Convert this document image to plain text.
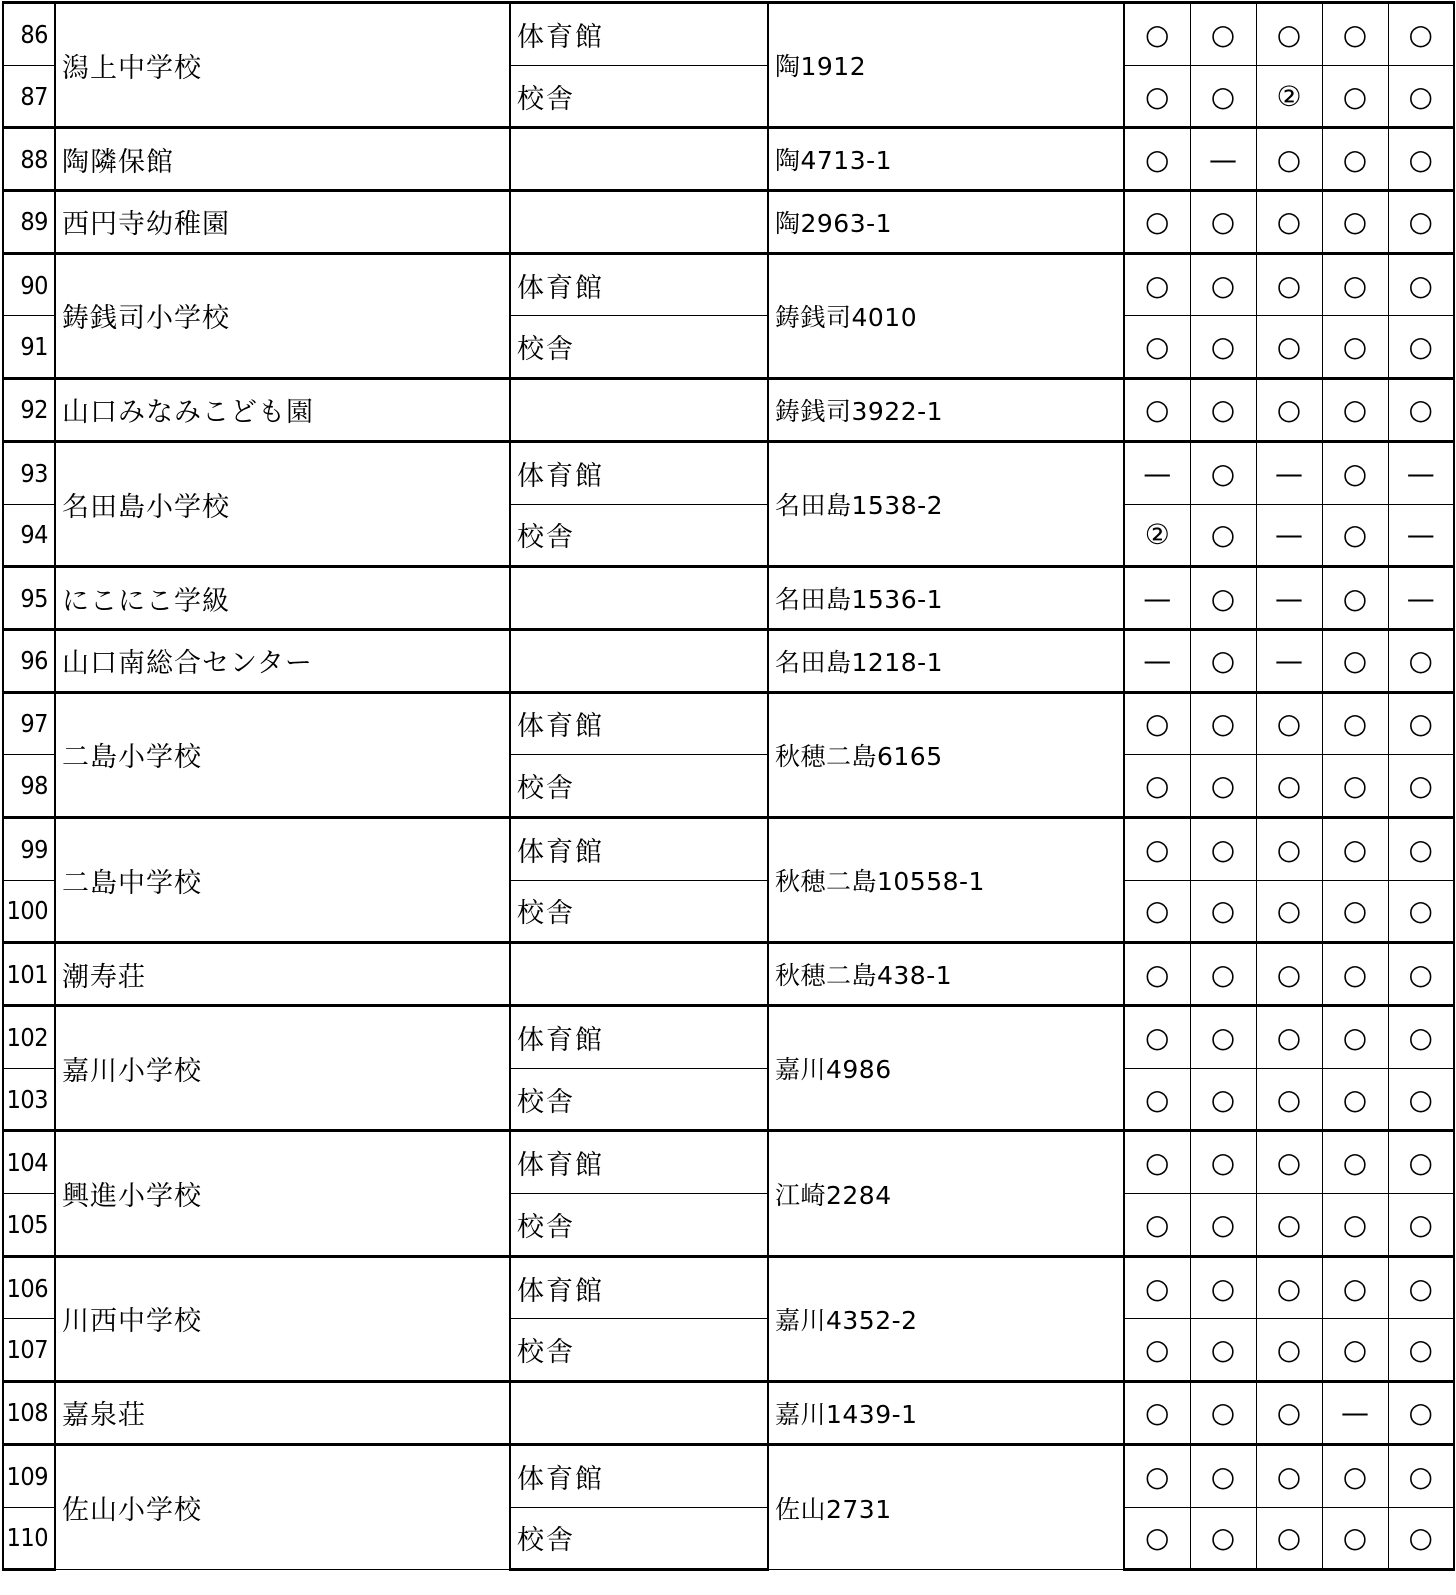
86	潟上中学校	体育館	陶1912	○	○	○	○	○
87		校舎		○	○	②	○	○
88	陶隣保館		陶4713-1	○	—	○	○	○
89	西円寺幼稚園		陶2963-1	○	○	○	○	○
90	鋳銭司小学校	体育館	鋳銭司4010	○	○	○	○	○
91		校舎		○	○	○	○	○
92	山口みなみこども園		鋳銭司3922-1	○	○	○	○	○
93	名田島小学校	体育館	名田島1538-2	—	○	—	○	—
94		校舎		②	○	—	○	—
95	にこにこ学級		名田島1536-1	—	○	—	○	—
96	山口南総合センター		名田島1218-1	—	○	—	○	○
97	二島小学校	体育館	秋穂二島6165	○	○	○	○	○
98		校舎		○	○	○	○	○
99	二島中学校	体育館	秋穂二島10558-1	○	○	○	○	○
100		校舎		○	○	○	○	○
101	潮寿荘		秋穂二島438-1	○	○	○	○	○
102	嘉川小学校	体育館	嘉川4986	○	○	○	○	○
103		校舎		○	○	○	○	○
104	興進小学校	体育館	江崎2284	○	○	○	○	○
105		校舎		○	○	○	○	○
106	川西中学校	体育館	嘉川4352-2	○	○	○	○	○
107		校舎		○	○	○	○	○
108	嘉泉荘		嘉川1439-1	○	○	○	—	○
109	佐山小学校	体育館	佐山2731	○	○	○	○	○
110		校舎		○	○	○	○	○
